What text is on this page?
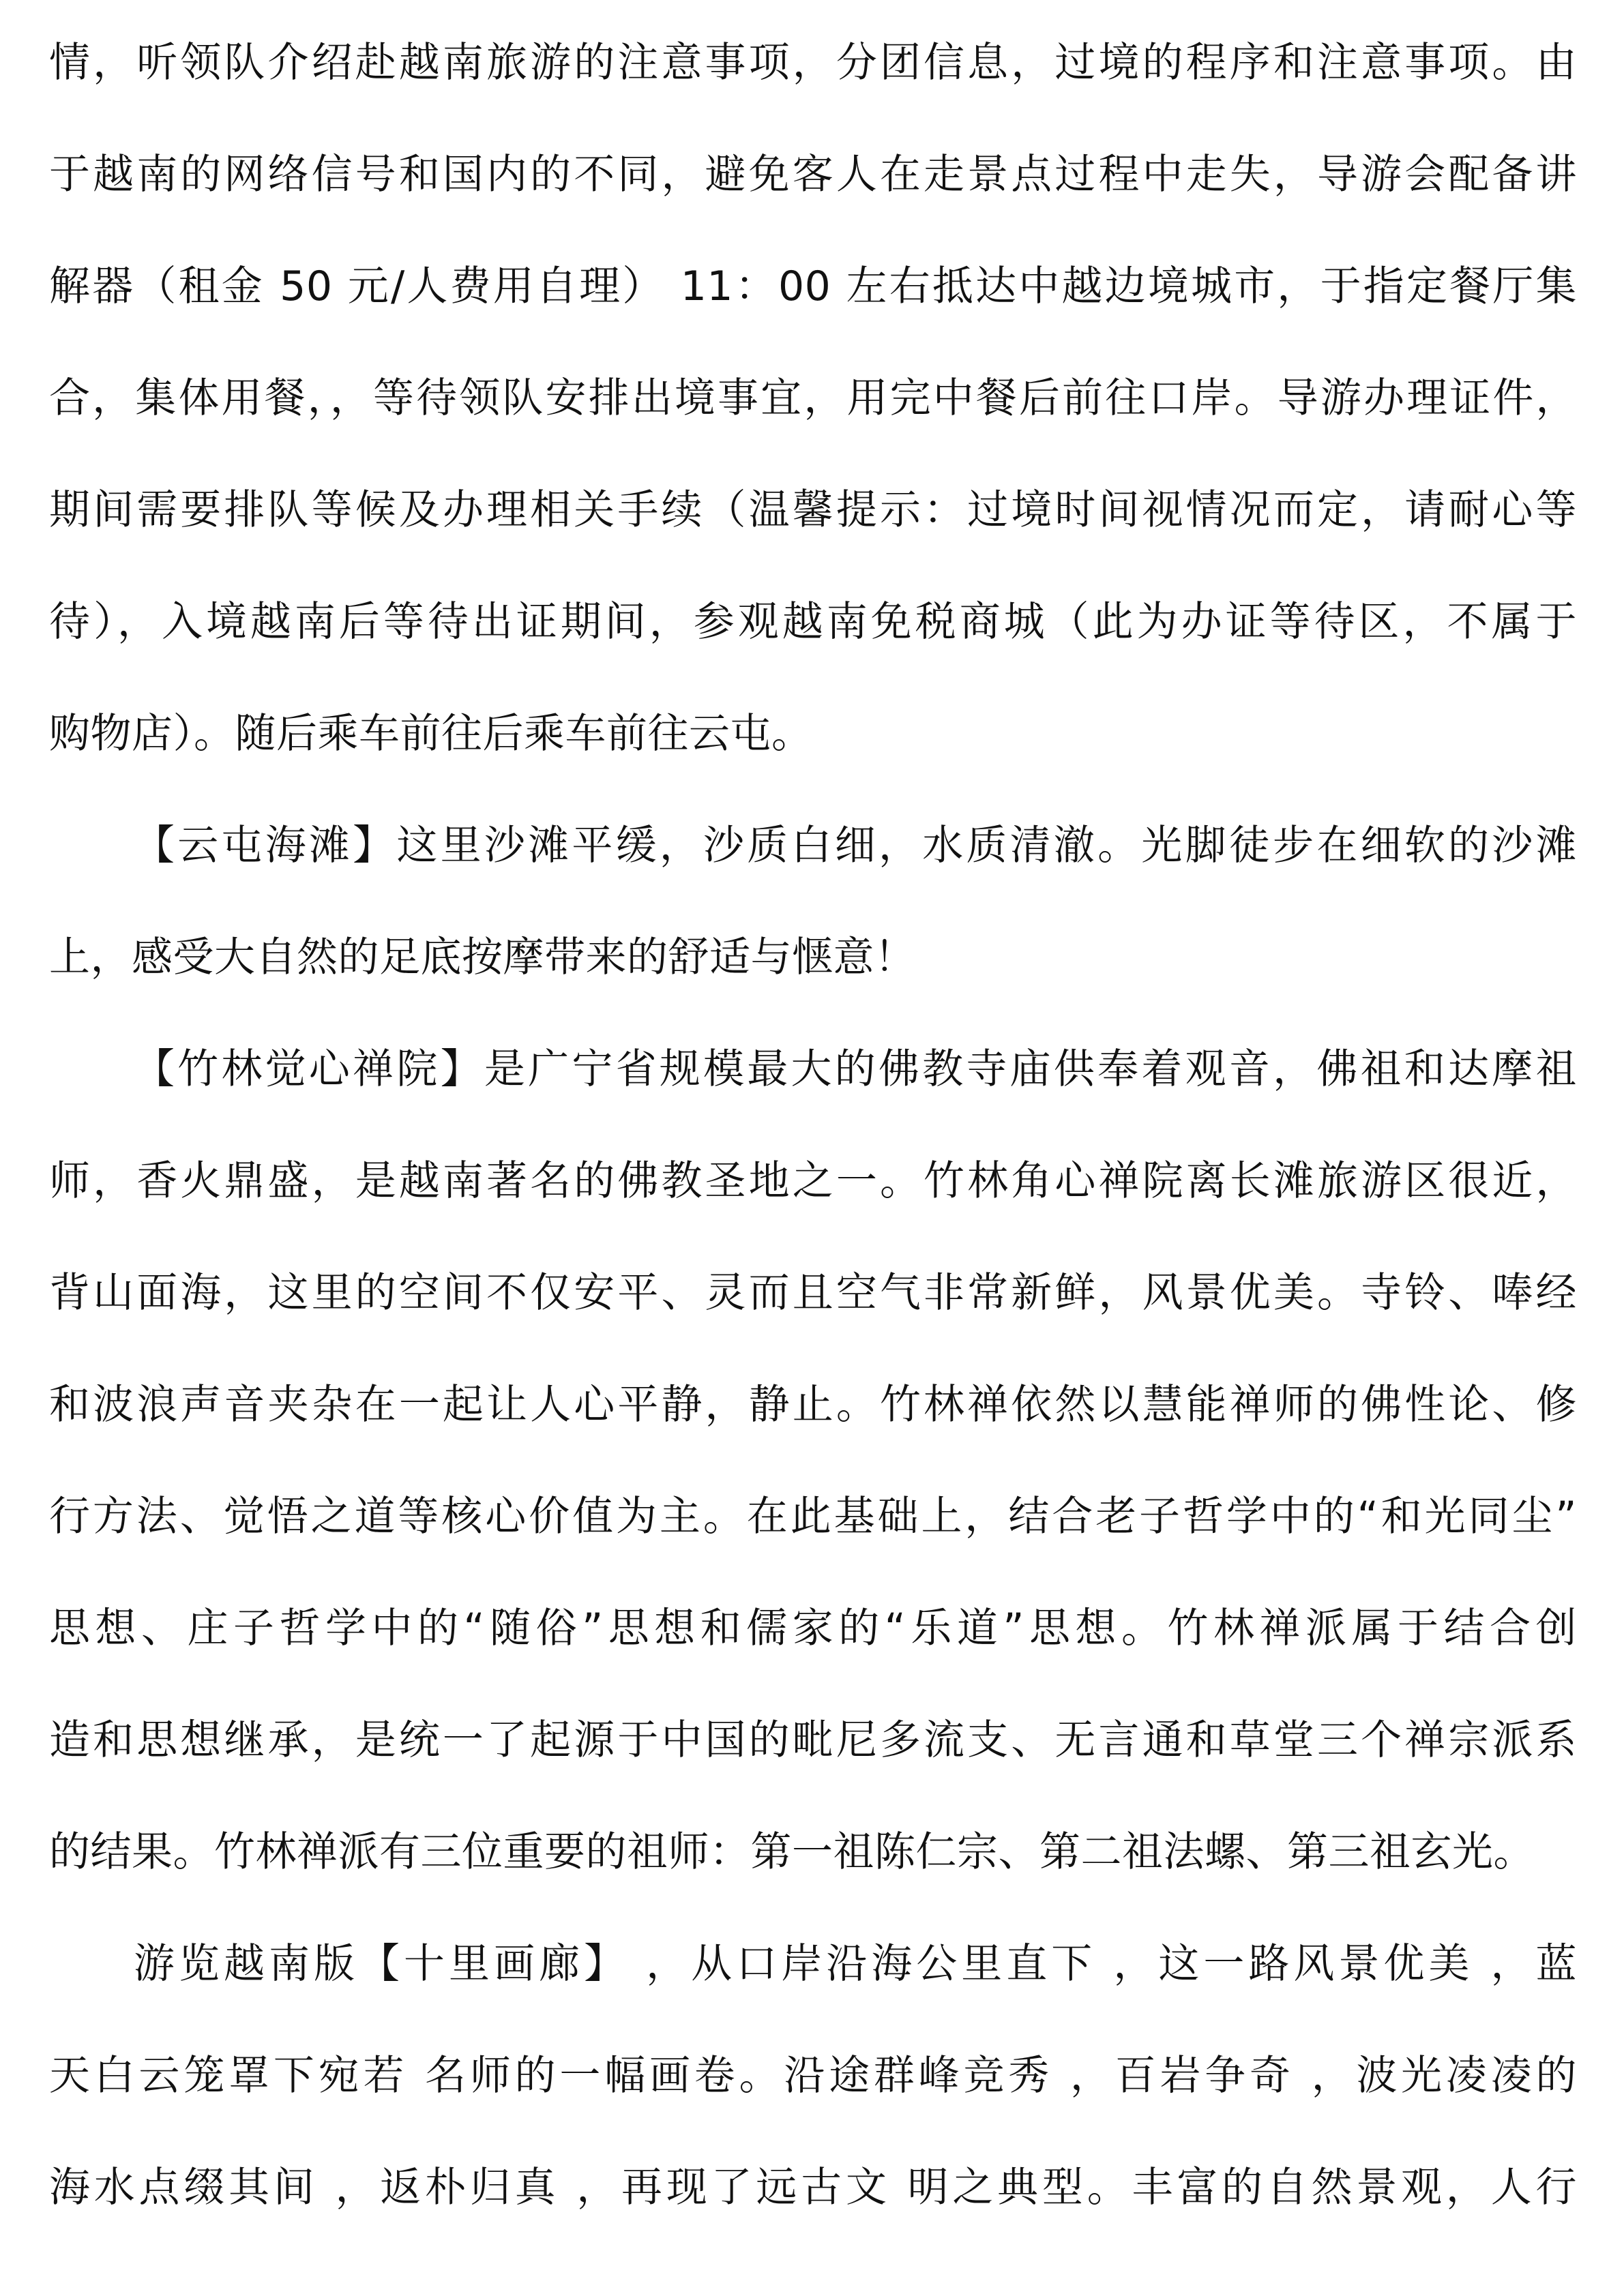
情，听领队介绍赴越南旅游的注意事项，分团信息，过境的程序和注意事项。由
于越南的网络信号和国内的不同，避免客人在走景点过程中走失，导游会配备讲
解器（租金 50 元/人费用自理） 11：00 左右抵达中越边境城市，于指定餐厅集
合，集体用餐，，等待领队安排出境事宜，用完中餐后前往口岸。导游办理证件，
期间需要排队等候及办理相关手续（温馨提示：过境时间视情况而定，请耐心等
待），入境越南后等待出证期间，参观越南免税商城（此为办证等待区，不属于
购物店）。随后乘车前往后乘车前往云屯。
【云屯海滩】这里沙滩平缓，沙质白细，水质清澈。光脚徒步在细软的沙滩
上，感受大自然的足底按摩带来的舒适与惬意！
【竹林觉心禅院】是广宁省规模最大的佛教寺庙供奉着观音，佛祖和达摩祖
师，香火鼎盛，是越南著名的佛教圣地之一。竹林角心禅院离长滩旅游区很近，
背山面海，这里的空间不仅安平、灵而且空气非常新鲜，风景优美。寺铃、唪经
和波浪声音夹杂在一起让人心平静，静止。竹林禅依然以慧能禅师的佛性论、修
行方法、觉悟之道等核心价值为主。在此基础上，结合老子哲学中的“和光同尘”
思想、庄子哲学中的“随俗”思想和儒家的“乐道”思想。竹林禅派属于结合创
造和思想继承，是统一了起源于中国的毗尼多流支、无言通和草堂三个禅宗派系
的结果。竹林禅派有三位重要的祖师：第一祖陈仁宗、第二祖法螺、第三祖玄光。
游览越南版【十里画廊】 ，从口岸沿海公里直下 ，这一路风景优美 ，蓝
天白云笼罩下宛若 名师的一幅画卷。沿途群峰竞秀 ，百岩争奇 ，波光凌凌的
海水点缀其间 ，返朴归真 ，再现了远古文 明之典型。丰富的自然景观，人行
